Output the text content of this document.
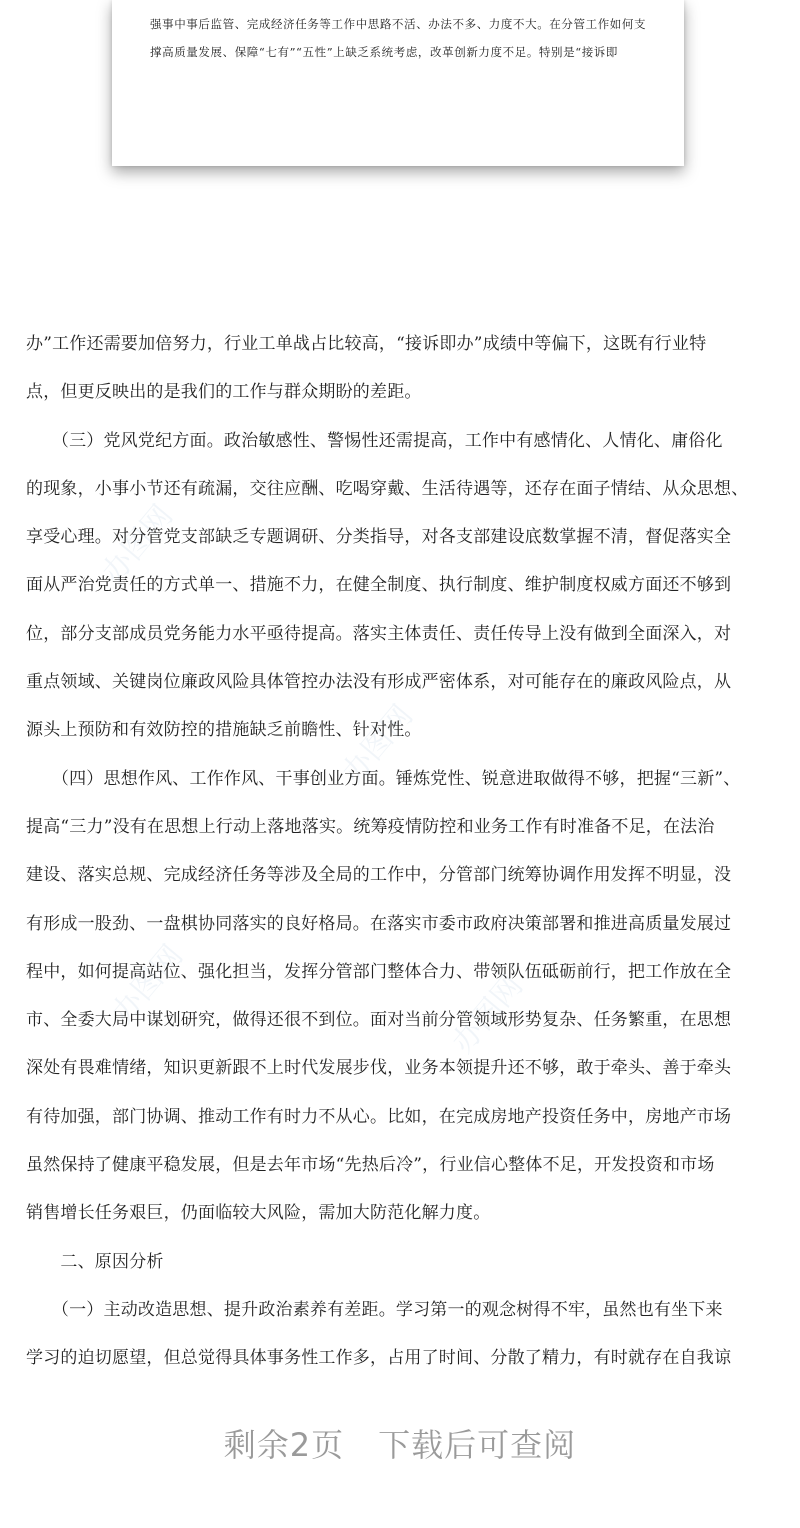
强事中事后监管、完成经济任务等工作中思路不活、办法不多、力度不大。在分管工作如何支
撑高质量发展、保障“七有”“五性”上缺乏系统考虑，改革创新力度不足。特别是“接诉即
办图网
办图网
办图网	办图网
办”工作还需要加倍努力，行业工单战占比较高，“接诉即办”成绩中等偏下，这既有行业特
点，但更反映出的是我们的工作与群众期盼的差距。
　　（三）党风党纪方面。政治敏感性、警惕性还需提高，工作中有感情化、人情化、庸俗化
的现象，小事小节还有疏漏，交往应酬、吃喝穿戴、生活待遇等，还存在面子情结、从众思想、
享受心理。对分管党支部缺乏专题调研、分类指导，对各支部建设底数掌握不清，督促落实全
面从严治党责任的方式单一、措施不力，在健全制度、执行制度、维护制度权威方面还不够到
位，部分支部成员党务能力水平亟待提高。落实主体责任、责任传导上没有做到全面深入，对
重点领域、关键岗位廉政风险具体管控办法没有形成严密体系，对可能存在的廉政风险点，从
源头上预防和有效防控的措施缺乏前瞻性、针对性。
　　（四）思想作风、工作作风、干事创业方面。锤炼党性、锐意进取做得不够，把握“三新”、
提高“三力”没有在思想上行动上落地落实。统筹疫情防控和业务工作有时准备不足，在法治
建设、落实总规、完成经济任务等涉及全局的工作中，分管部门统筹协调作用发挥不明显，没
有形成一股劲、一盘棋协同落实的良好格局。在落实市委市政府决策部署和推进高质量发展过
程中，如何提高站位、强化担当，发挥分管部门整体合力、带领队伍砥砺前行，把工作放在全
市、全委大局中谋划研究，做得还很不到位。面对当前分管领域形势复杂、任务繁重，在思想
深处有畏难情绪，知识更新跟不上时代发展步伐，业务本领提升还不够，敢于牵头、善于牵头
有待加强，部门协调、推动工作有时力不从心。比如，在完成房地产投资任务中，房地产市场
虽然保持了健康平稳发展，但是去年市场“先热后冷”，行业信心整体不足，开发投资和市场
销售增长任务艰巨，仍面临较大风险，需加大防范化解力度。
　　二、原因分析
　　（一）主动改造思想、提升政治素养有差距。学习第一的观念树得不牢，虽然也有坐下来
学习的迫切愿望，但总觉得具体事务性工作多，占用了时间、分散了精力，有时就存在自我谅
剩余2页 下载后可查阅
